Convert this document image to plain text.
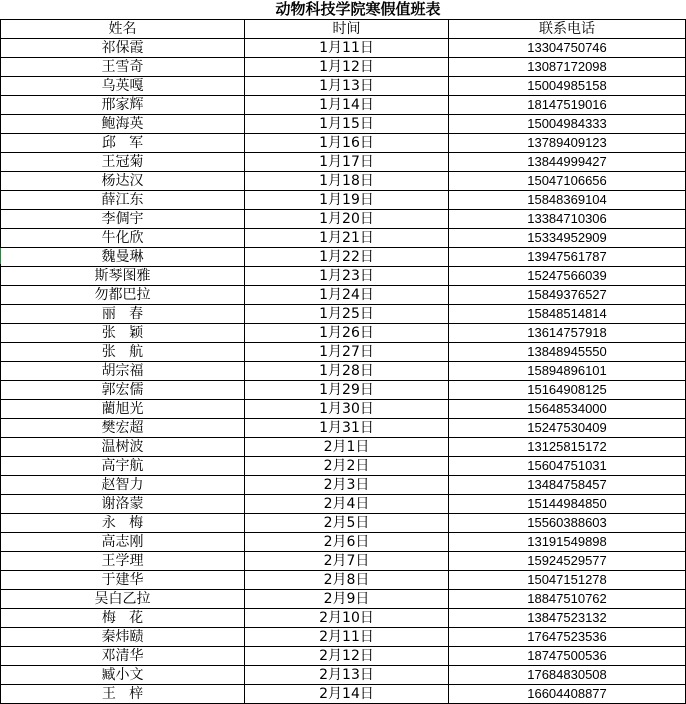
动物科技学院寒假值班表
姓名	时间	联系电话
祁保霞	1月11日	13304750746
王雪奇	1月12日	13087172098
乌英嘎	1月13日	15004985158
邢家辉	1月14日	18147519016
鲍海英	1月15日	15004984333
邱   军	1月16日	13789409123
王冠菊	1月17日	13844999427
杨达汉	1月18日	15047106656
薛江东	1月19日	15848369104
李倜宇	1月20日	13384710306
牛化欣	1月21日	15334952909
魏曼琳	1月22日	13947561787
斯琴图雅	1月23日	15247566039
勿都巴拉	1月24日	15849376527
丽   春	1月25日	15848514814
张   颖	1月26日	13614757918
张   航	1月27日	13848945550
胡宗福	1月28日	15894896101
郭宏儒	1月29日	15164908125
藺旭光	1月30日	15648534000
樊宏超	1月31日	15247530409
温树波	2月1日	13125815172
高宇航	2月2日	15604751031
赵智力	2月3日	13484758457
谢洛蒙	2月4日	15144984850
永   梅	2月5日	15560388603
高志刚	2月6日	13191549898
王学理	2月7日	15924529577
于建华	2月8日	15047151278
吴白乙拉	2月9日	18847510762
梅   花	2月10日	13847523132
秦炜赜	2月11日	17647523536
邓清华	2月12日	18747500536
臧小文	2月13日	17684830508
王   梓	2月14日	16604408877
